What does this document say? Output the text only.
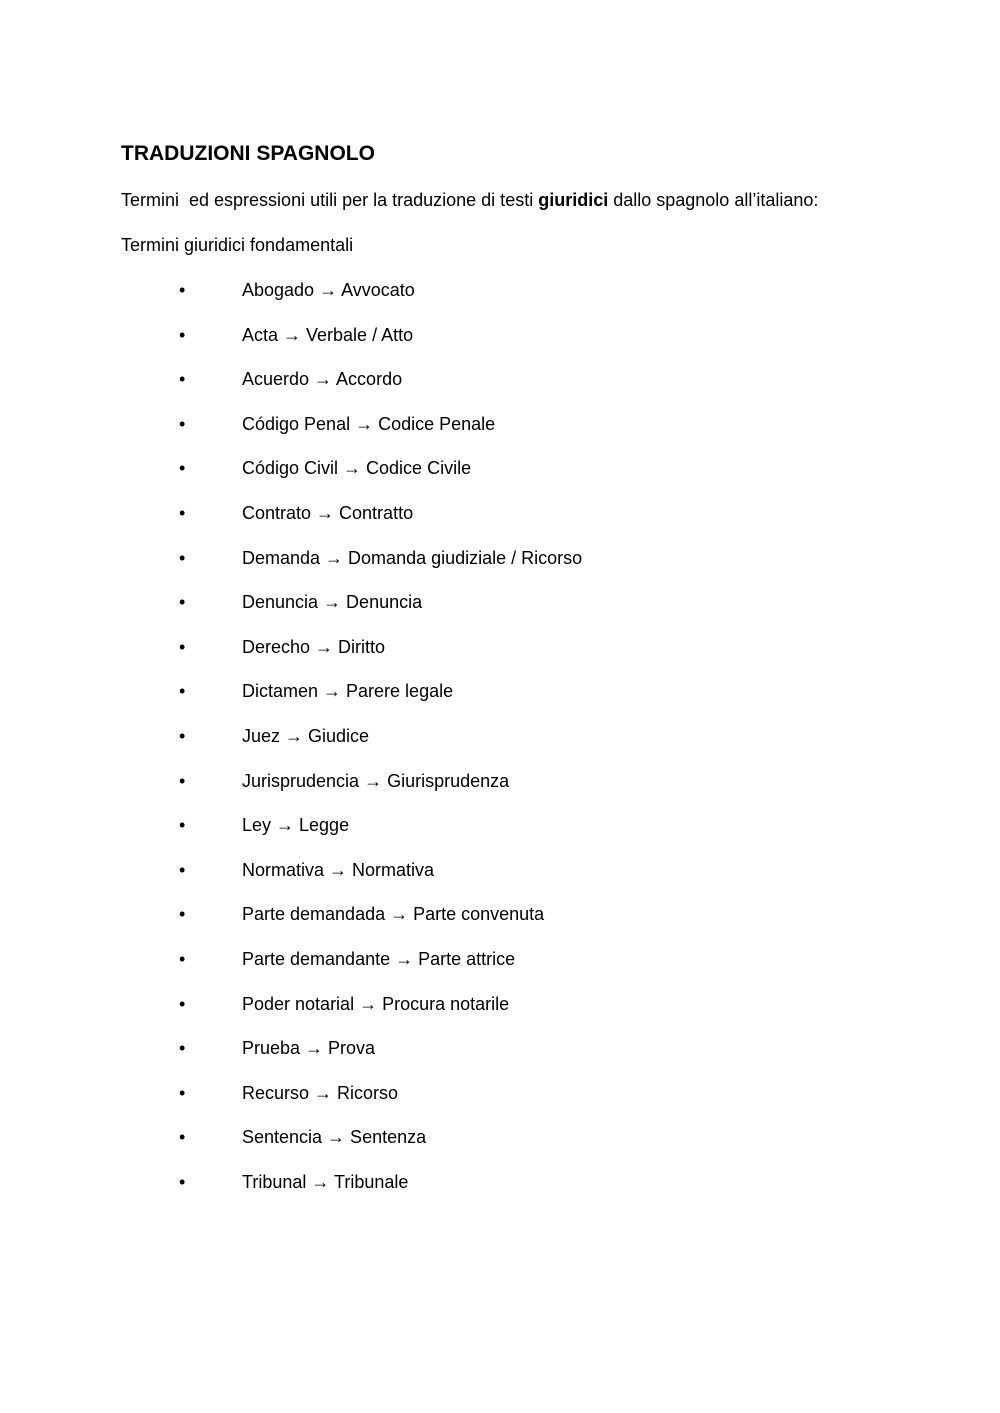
TRADUZIONI SPAGNOLO

Termini  ed espressioni utili per la traduzione di testi giuridici dallo spagnolo all’italiano:

Termini giuridici fondamentali

•	Abogado → Avvocato
•	Acta → Verbale / Atto
•	Acuerdo → Accordo
•	Código Penal → Codice Penale
•	Código Civil → Codice Civile
•	Contrato → Contratto
•	Demanda → Domanda giudiziale / Ricorso
•	Denuncia → Denuncia
•	Derecho → Diritto
•	Dictamen → Parere legale
•	Juez → Giudice
•	Jurisprudencia → Giurisprudenza
•	Ley → Legge
•	Normativa → Normativa
•	Parte demandada → Parte convenuta
•	Parte demandante → Parte attrice
•	Poder notarial → Procura notarile
•	Prueba → Prova
•	Recurso → Ricorso
•	Sentencia → Sentenza
•	Tribunal → Tribunale
